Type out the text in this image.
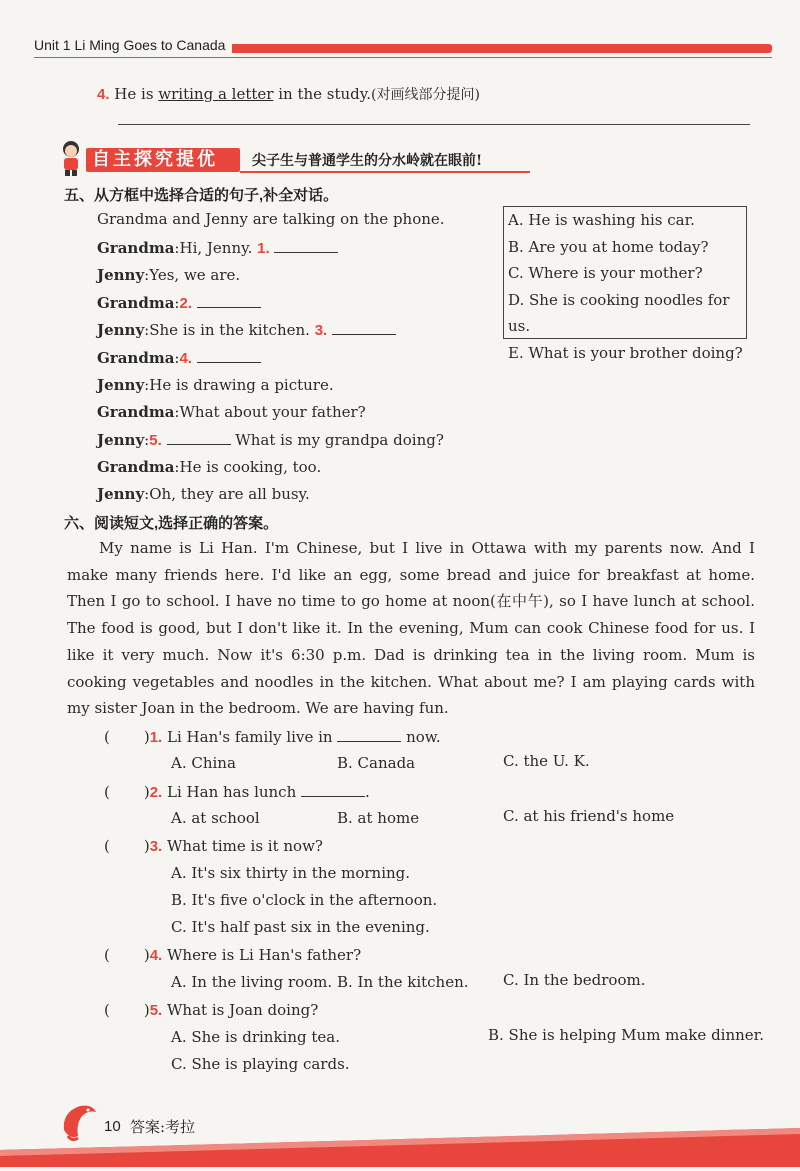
Unit 1 Li Ming Goes to Canada
4. He is writing a letter in the study.(对画线部分提问)
自主探究提优	尖子生与普通学生的分水岭就在眼前!
五、从方框中选择合适的句子,补全对话。
Grandma and Jenny are talking on the phone.	A. He is washing his car.
B. Are you at home today?
C. Where is your mother?
D. She is cooking noodles for us.
E. What is your brother doing?
Grandma:Hi, Jenny. 1.
Jenny:Yes, we are.
Grandma:2.
Jenny:She is in the kitchen. 3.
Grandma:4.
Jenny:He is drawing a picture.
Grandma:What about your father?
Jenny:5.	What is my grandpa doing?
Grandma:He is cooking, too.
Jenny:Oh, they are all busy.
六、阅读短文,选择正确的答案。
My name is Li Han. I'm Chinese, but I live in Ottawa with my parents now. And I make many friends here. I'd like an egg, some bread and juice for breakfast at home. Then I go to school. I have no time to go home at noon(在中午), so I have lunch at school. The food is good, but I don't like it. In the evening, Mum can cook Chinese food for us. I like it very much. Now it's 6:30 p.m. Dad is drinking tea in the living room. Mum is cooking vegetables and noodles in the kitchen. What about me? I am playing cards with my sister Joan in the bedroom. We are having fun.
( )1. Li Han's family live in	now.
A. China	B. Canada	C. the U. K.
( )2. Li Han has lunch	.
A. at school	B. at home	C. at his friend's home
( )3. What time is it now?
A. It's six thirty in the morning.
B. It's five o'clock in the afternoon.
C. It's half past six in the evening.
( )4. Where is Li Han's father?
A. In the living room. B. In the kitchen. C. In the bedroom.
( )5. What is Joan doing?
A. She is drinking tea.	B. She is helping Mum make dinner.
C. She is playing cards.
10 答案:考拉
